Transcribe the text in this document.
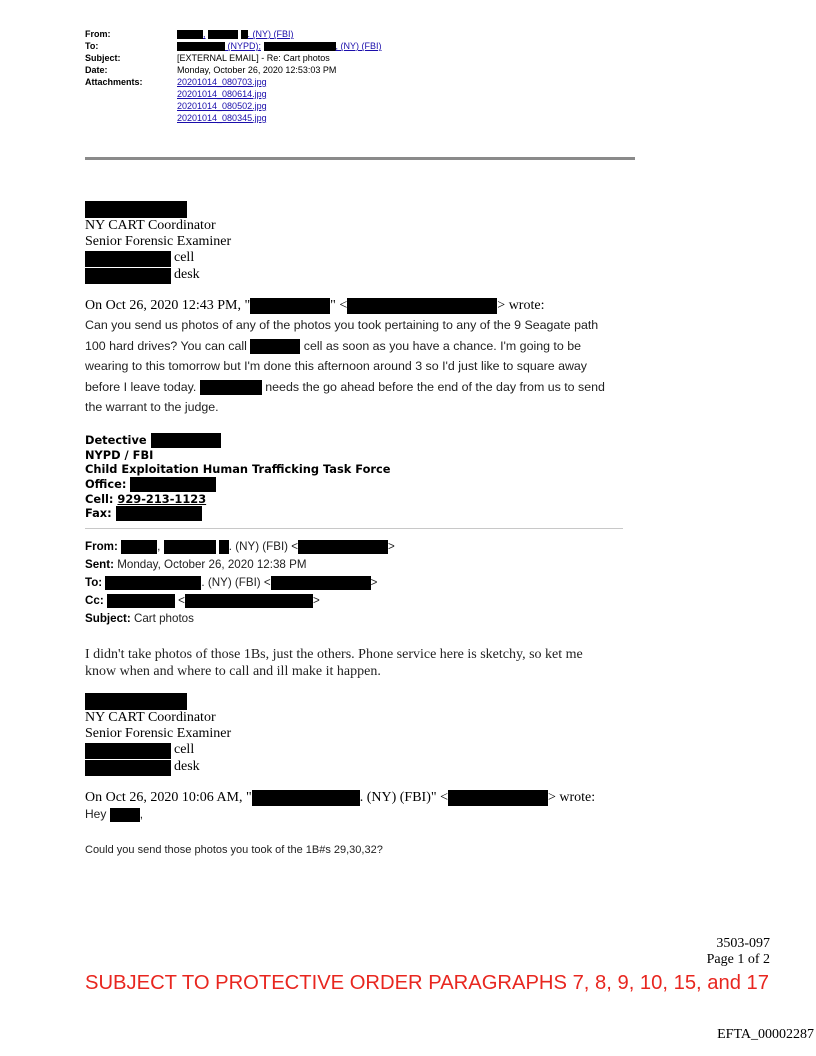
From:	,	. (NY) (FBI)
To:	(NYPD);	, (NY) (FBI)
Subject:	[EXTERNAL EMAIL] - Re: Cart photos
Date:	Monday, October 26, 2020 12:53:03 PM
Attachments:	20201014_080703.jpg
20201014_080614.jpg
20201014_080502.jpg
20201014_080345.jpg
NY CART Coordinator
Senior Forensic Examiner
cell
desk
On Oct 26, 2020 12:43 PM, "	" <	> wrote:
Can you send us photos of any of the photos you took pertaining to any of the 9 Seagate path
100 hard drives? You can call	cell as soon as you have a chance. I'm going to be
wearing to this tomorrow but I'm done this afternoon around 3 so I'd just like to square away
before I leave today.	needs the go ahead before the end of the day from us to send
the warrant to the judge.
Detective
NYPD / FBI
Child Exploitation Human Trafficking Task Force
Office:
Cell: 929-213-1123
Fax:
From:	,	. (NY) (FBI) <	>
Sent: Monday, October 26, 2020 12:38 PM
To:	. (NY) (FBI) <	>
Cc:	<	>
Subject: Cart photos
I didn't take photos of those 1Bs, just the others. Phone service here is sketchy, so ket me
know when and where to call and ill make it happen.
NY CART Coordinator
Senior Forensic Examiner
cell
desk
On Oct 26, 2020 10:06 AM, "	. (NY) (FBI)" <	> wrote:
Hey	,
Could you send those photos you took of the 1B#s 29,30,32?
3503-097
Page 1 of 2
SUBJECT TO PROTECTIVE ORDER PARAGRAPHS 7, 8, 9, 10, 15, and 17
EFTA_00002287
